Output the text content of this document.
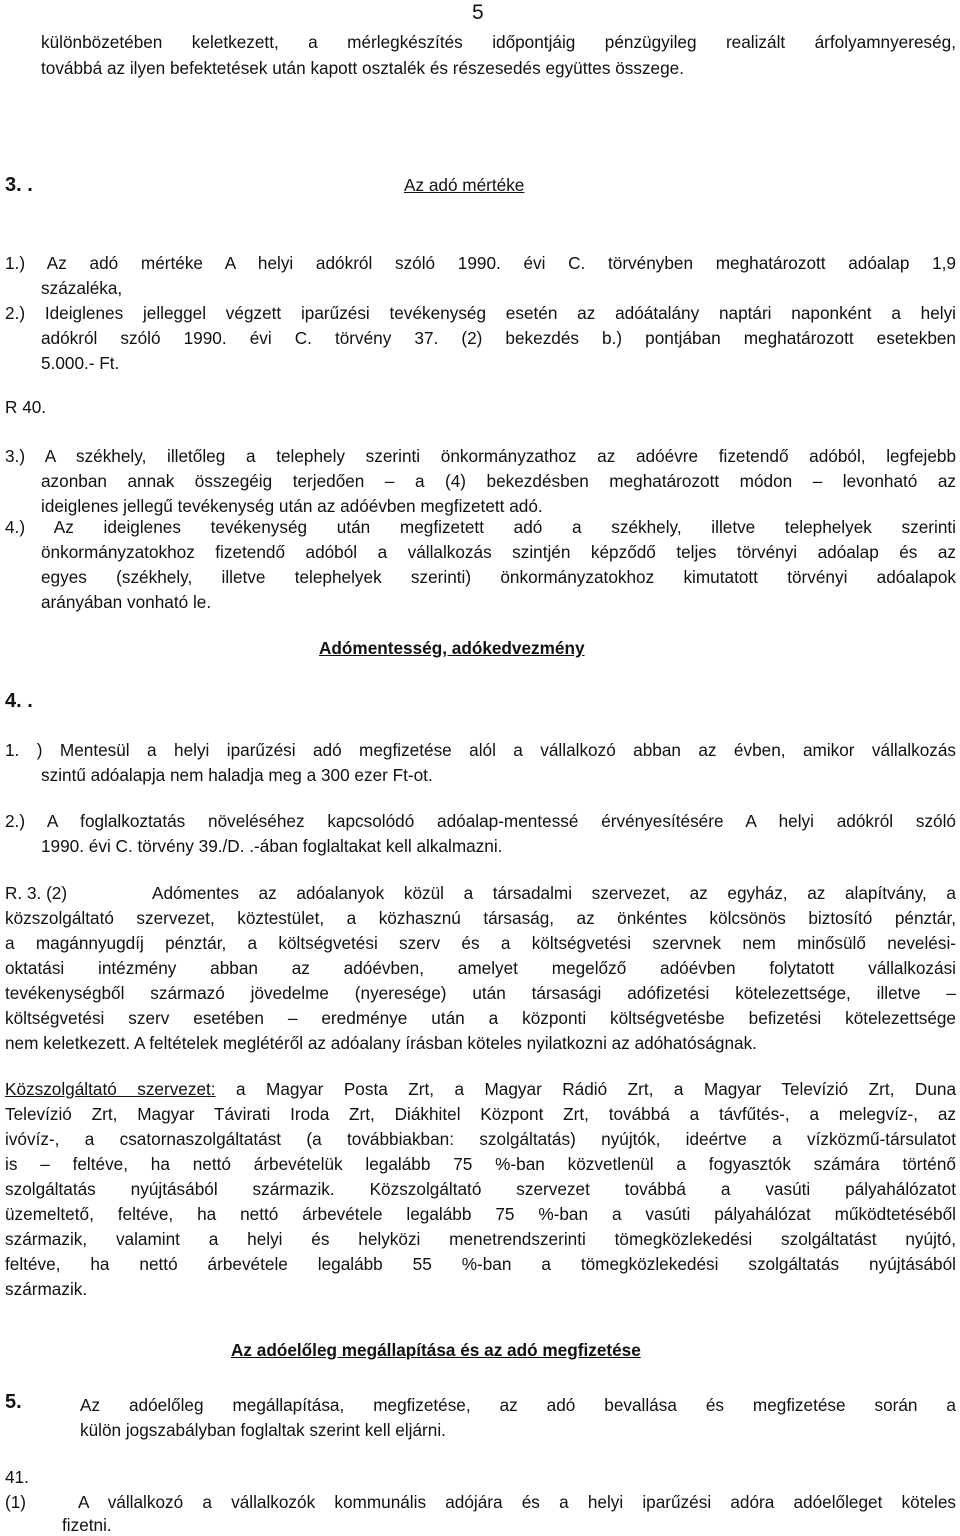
5
különbözetében keletkezett, a mérlegkészítés időpontjáig pénzügyileg realizált árfolyamnyereség,
továbbá az ilyen befektetések után kapott osztalék és részesedés együttes összege.
3. .	Az adó mértéke
1.) Az adó mértéke A helyi adókról szóló 1990. évi C. törvényben meghatározott adóalap 1,9
százaléka,
2.) Ideiglenes jelleggel végzett iparűzési tevékenység esetén az adóátalány naptári naponként a helyi
adókról szóló 1990. évi C. törvény 37. (2) bekezdés b.) pontjában meghatározott esetekben
5.000.- Ft.
R 40.
3.) A székhely, illetőleg a telephely szerinti önkormányzathoz az adóévre fizetendő adóból, legfejebb
azonban annak összegéig terjedően – a (4) bekezdésben meghatározott módon – levonható az
ideiglenes jellegű tevékenység után az adóévben megfizetett adó.
4.) Az ideiglenes tevékenység után megfizetett adó a székhely, illetve telephelyek szerinti
önkormányzatokhoz fizetendő adóból a vállalkozás szintjén képződő teljes törvényi adóalap és az
egyes (székhely, illetve telephelyek szerinti) önkormányzatokhoz kimutatott törvényi adóalapok
arányában vonható le.
Adómentesség, adókedvezmény
4. .
1. ) Mentesül a helyi iparűzési adó megfizetése alól a vállalkozó abban az évben, amikor vállalkozás
szintű adóalapja nem haladja meg a 300 ezer Ft-ot.
2.) A foglalkoztatás növeléséhez kapcsolódó adóalap-mentessé érvényesítésére A helyi adókról szóló
1990. évi C. törvény 39./D. .-ában foglaltakat kell alkalmazni.
R. 3. (2)	Adómentes az adóalanyok közül a társadalmi szervezet, az egyház, az alapítvány, a
közszolgáltató szervezet, köztestület, a közhasznú társaság, az önkéntes kölcsönös biztosító pénztár,
a magánnyugdíj pénztár, a költségvetési szerv és a költségvetési szervnek nem minősülő nevelési-
oktatási intézmény abban az adóévben, amelyet megelőző adóévben folytatott vállalkozási
tevékenységből származó jövedelme (nyeresége) után társasági adófizetési kötelezettsége, illetve –
költségvetési szerv esetében – eredménye után a központi költségvetésbe befizetési kötelezettsége
nem keletkezett. A feltételek meglétéről az adóalany írásban köteles nyilatkozni az adóhatóságnak.
Közszolgáltató szervezet: a Magyar Posta Zrt, a Magyar Rádió Zrt, a Magyar Televízió Zrt, Duna
Televízió Zrt, Magyar Távirati Iroda Zrt, Diákhitel Központ Zrt, továbbá a távfűtés-, a melegvíz-, az
ivóvíz-, a csatornaszolgáltatást (a továbbiakban: szolgáltatás) nyújtók, ideértve a vízközmű-társulatot
is – feltéve, ha nettó árbevételük legalább 75 %-ban közvetlenül a fogyasztók számára történő
szolgáltatás nyújtásából származik. Közszolgáltató szervezet továbbá a vasúti pályahálózatot
üzemeltető, feltéve, ha nettó árbevétele legalább 75 %-ban a vasúti pályahálózat működtetéséből
származik, valamint a helyi és helyközi menetrendszerinti tömegközlekedési szolgáltatást nyújtó,
feltéve, ha nettó árbevétele legalább 55 %-ban a tömegközlekedési szolgáltatás nyújtásából
származik.
Az adóelőleg megállapítása és az adó megfizetése
5.	Az adóelőleg megállapítása, megfizetése, az adó bevallása és megfizetése során a
külön jogszabályban foglaltak szerint kell eljárni.
41.
(1)	A vállalkozó a vállalkozók kommunális adójára és a helyi iparűzési adóra adóelőleget köteles
fizetni.
